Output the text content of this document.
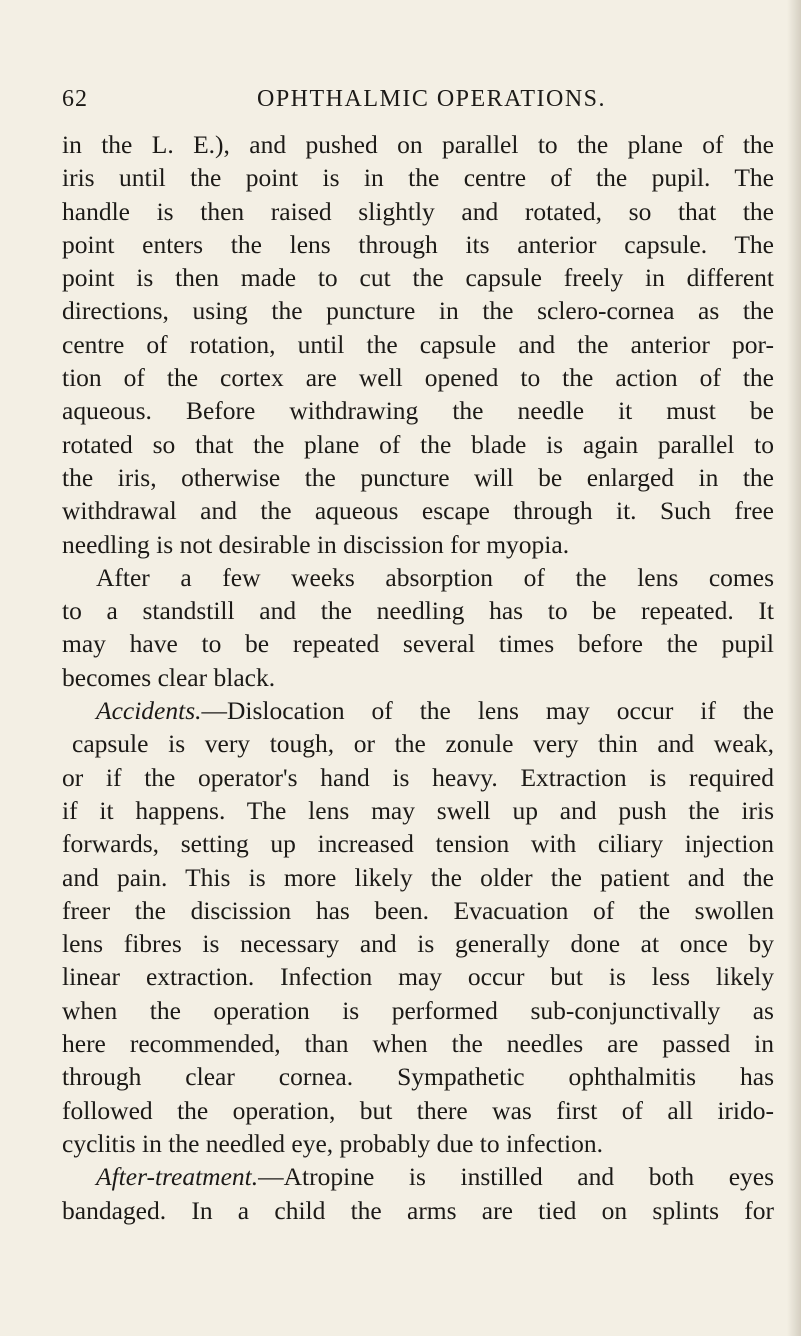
62	OPHTHALMIC OPERATIONS.
in the L. E.), and pushed on parallel to the plane of the
iris until the point is in the centre of the pupil. The
handle is then raised slightly and rotated, so that the
point enters the lens through its anterior capsule. The
point is then made to cut the capsule freely in different
directions, using the puncture in the sclero-cornea as the
centre of rotation, until the capsule and the anterior por-
tion of the cortex are well opened to the action of the
aqueous. Before withdrawing the needle it must be
rotated so that the plane of the blade is again parallel to
the iris, otherwise the puncture will be enlarged in the
withdrawal and the aqueous escape through it. Such free
needling is not desirable in discission for myopia.
After a few weeks absorption of the lens comes
to a standstill and the needling has to be repeated. It
may have to be repeated several times before the pupil
becomes clear black.
Accidents.—Dislocation of the lens may occur if the
capsule is very tough, or the zonule very thin and weak,
or if the operator's hand is heavy. Extraction is required
if it happens. The lens may swell up and push the iris
forwards, setting up increased tension with ciliary injection
and pain. This is more likely the older the patient and the
freer the discission has been. Evacuation of the swollen
lens fibres is necessary and is generally done at once by
linear extraction. Infection may occur but is less likely
when the operation is performed sub-conjunctivally as
here recommended, than when the needles are passed in
through clear cornea. Sympathetic ophthalmitis has
followed the operation, but there was first of all irido-
cyclitis in the needled eye, probably due to infection.
After-treatment.—Atropine is instilled and both eyes
bandaged. In a child the arms are tied on splints for
